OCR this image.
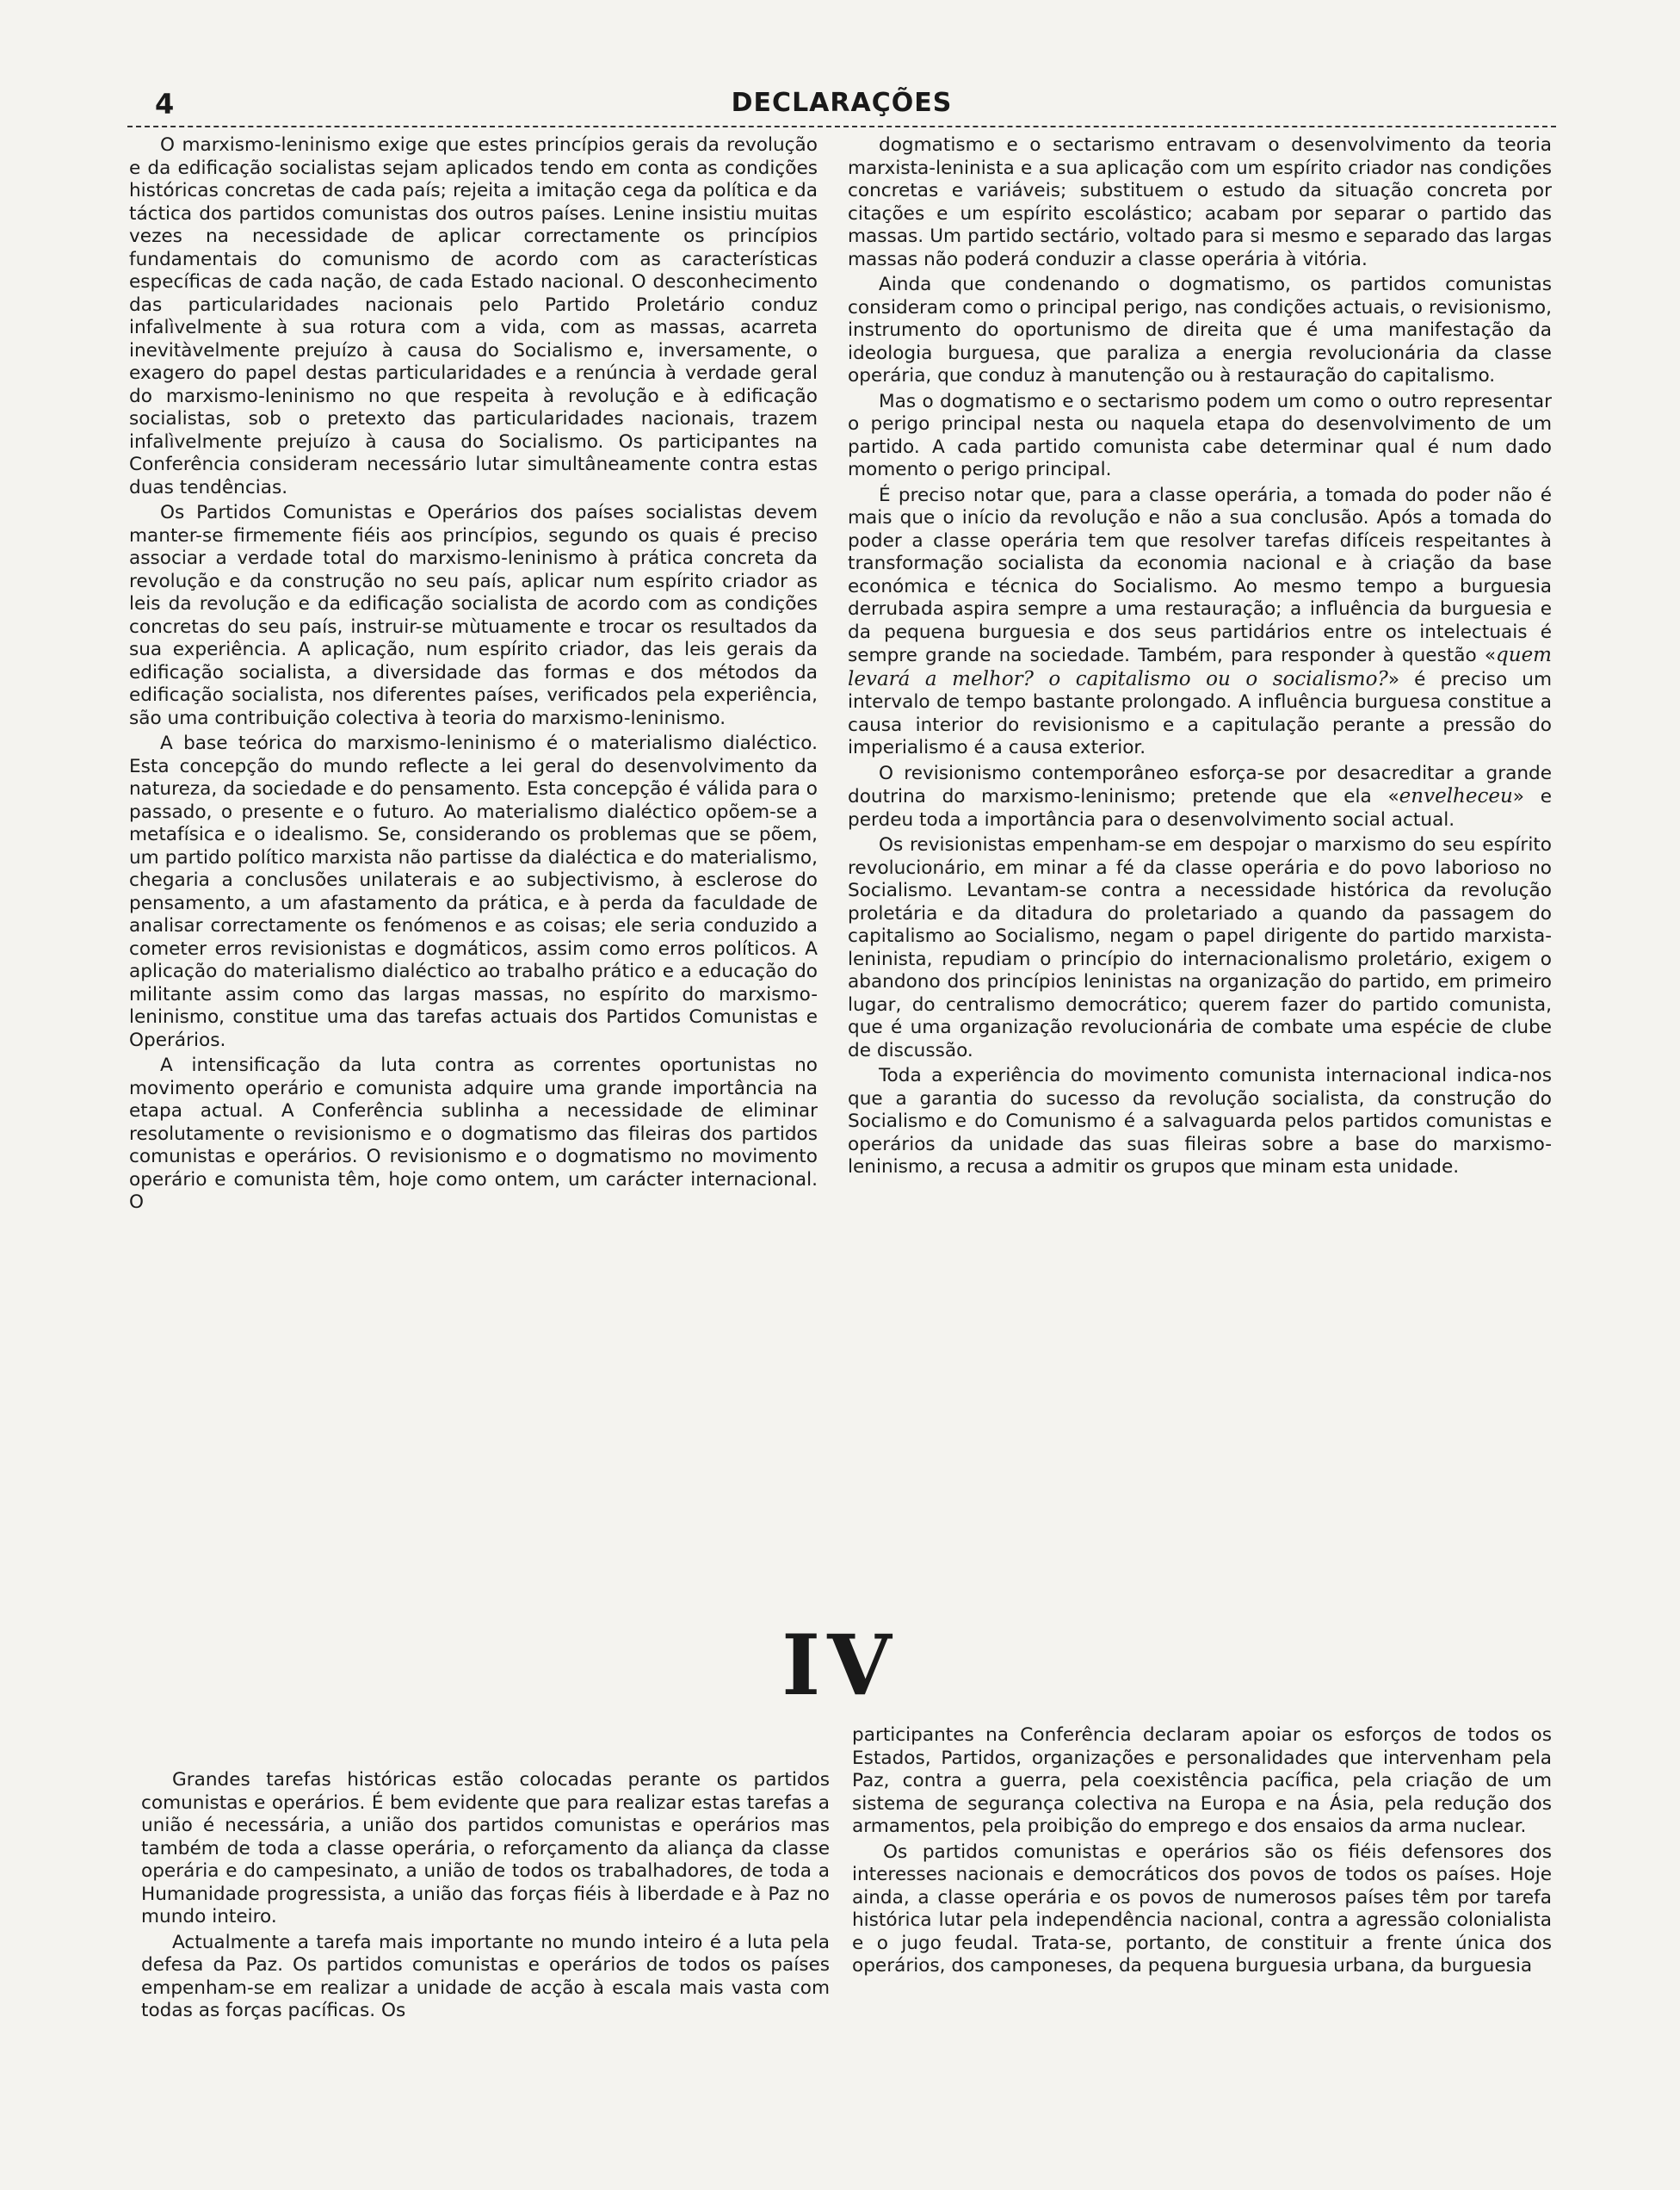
4	DECLARAÇÕES

O marxismo-leninismo exige que estes princípios gerais da revolução e da edificação socialistas sejam aplicados tendo em conta as condições históricas concretas de cada país; rejeita a imitação cega da política e da táctica dos partidos comunistas dos outros países. Lenine insistiu muitas vezes na necessidade de aplicar correctamente os princípios fundamentais do comunismo de acordo com as características específicas de cada nação, de cada Estado nacional. O desconhecimento das particularidades nacionais pelo Partido Proletário conduz infalìvelmente à sua rotura com a vida, com as massas, acarreta inevitàvelmente prejuízo à causa do Socialismo e, inversamente, o exagero do papel destas particularidades e a renúncia à verdade geral do marxismo-leninismo no que respeita à revolução e à edificação socialistas, sob o pretexto das particularidades nacionais, trazem infalìvelmente prejuízo à causa do Socialismo. Os participantes na Conferência consideram necessário lutar simultâneamente contra estas duas tendências.

Os Partidos Comunistas e Operários dos países socialistas devem manter-se firmemente fiéis aos princípios, segundo os quais é preciso associar a verdade total do marxismo-leninismo à prática concreta da revolução e da construção no seu país, aplicar num espírito criador as leis da revolução e da edificação socialista de acordo com as condições concretas do seu país, instruir-se mùtuamente e trocar os resultados da sua experiência. A aplicação, num espírito criador, das leis gerais da edificação socialista, a diversidade das formas e dos métodos da edificação socialista, nos diferentes países, verificados pela experiência, são uma contribuição colectiva à teoria do marxismo-leninismo.

A base teórica do marxismo-leninismo é o materialismo dialéctico. Esta concepção do mundo reflecte a lei geral do desenvolvimento da natureza, da sociedade e do pensamento. Esta concepção é válida para o passado, o presente e o futuro. Ao materialismo dialéctico opõem-se a metafísica e o idealismo. Se, considerando os problemas que se põem, um partido político marxista não partisse da dialéctica e do materialismo, chegaria a conclusões unilaterais e ao subjectivismo, à esclerose do pensamento, a um afastamento da prática, e à perda da faculdade de analisar correctamente os fenómenos e as coisas; ele seria conduzido a cometer erros revisionistas e dogmáticos, assim como erros políticos. A aplicação do materialismo dialéctico ao trabalho prático e a educação do militante assim como das largas massas, no espírito do marxismo-leninismo, constitue uma das tarefas actuais dos Partidos Comunistas e Operários.

A intensificação da luta contra as correntes oportunistas no movimento operário e comunista adquire uma grande importância na etapa actual. A Conferência sublinha a necessidade de eliminar resolutamente o revisionismo e o dogmatismo das fileiras dos partidos comunistas e operários. O revisionismo e o dogmatismo no movimento operário e comunista têm, hoje como ontem, um carácter internacional. O

dogmatismo e o sectarismo entravam o desenvolvimento da teoria marxista-leninista e a sua aplicação com um espírito criador nas condições concretas e variáveis; substituem o estudo da situação concreta por citações e um espírito escolástico; acabam por separar o partido das massas. Um partido sectário, voltado para si mesmo e separado das largas massas não poderá conduzir a classe operária à vitória.

Ainda que condenando o dogmatismo, os partidos comunistas consideram como o principal perigo, nas condições actuais, o revisionismo, instrumento do oportunismo de direita que é uma manifestação da ideologia burguesa, que paraliza a energia revolucionária da classe operária, que conduz à manutenção ou à restauração do capitalismo.

Mas o dogmatismo e o sectarismo podem um como o outro representar o perigo principal nesta ou naquela etapa do desenvolvimento de um partido. A cada partido comunista cabe determinar qual é num dado momento o perigo principal.

É preciso notar que, para a classe operária, a tomada do poder não é mais que o início da revolução e não a sua conclusão. Após a tomada do poder a classe operária tem que resolver tarefas difíceis respeitantes à transformação socialista da economia nacional e à criação da base económica e técnica do Socialismo. Ao mesmo tempo a burguesia derrubada aspira sempre a uma restauração; a influência da burguesia e da pequena burguesia e dos seus partidários entre os intelectuais é sempre grande na sociedade. Também, para responder à questão «quem levará a melhor? o capitalismo ou o socialismo?» é preciso um intervalo de tempo bastante prolongado. A influência burguesa constitue a causa interior do revisionismo e a capitulação perante a pressão do imperialismo é a causa exterior.

O revisionismo contemporâneo esforça-se por desacreditar a grande doutrina do marxismo-leninismo; pretende que ela «envelheceu» e perdeu toda a importância para o desenvolvimento social actual.

Os revisionistas empenham-se em despojar o marxismo do seu espírito revolucionário, em minar a fé da classe operária e do povo laborioso no Socialismo. Levantam-se contra a necessidade histórica da revolução proletária e da ditadura do proletariado a quando da passagem do capitalismo ao Socialismo, negam o papel dirigente do partido marxista-leninista, repudiam o princípio do internacionalismo proletário, exigem o abandono dos princípios leninistas na organização do partido, em primeiro lugar, do centralismo democrático; querem fazer do partido comunista, que é uma organização revolucionária de combate uma espécie de clube de discussão.

Toda a experiência do movimento comunista internacional indica-nos que a garantia do sucesso da revolução socialista, da construção do Socialismo e do Comunismo é a salvaguarda pelos partidos comunistas e operários da unidade das suas fileiras sobre a base do marxismo-leninismo, a recusa a admitir os grupos que minam esta unidade.

IV

Grandes tarefas históricas estão colocadas perante os partidos comunistas e operários. É bem evidente que para realizar estas tarefas a união é necessária, a união dos partidos comunistas e operários mas também de toda a classe operária, o reforçamento da aliança da classe operária e do campesinato, a união de todos os trabalhadores, de toda a Humanidade progressista, a união das forças fiéis à liberdade e à Paz no mundo inteiro.

Actualmente a tarefa mais importante no mundo inteiro é a luta pela defesa da Paz. Os partidos comunistas e operários de todos os países empenham-se em realizar a unidade de acção à escala mais vasta com todas as forças pacíficas. Os

participantes na Conferência declaram apoiar os esforços de todos os Estados, Partidos, organizações e personalidades que intervenham pela Paz, contra a guerra, pela coexistência pacífica, pela criação de um sistema de segurança colectiva na Europa e na Ásia, pela redução dos armamentos, pela proibição do emprego e dos ensaios da arma nuclear.

Os partidos comunistas e operários são os fiéis defensores dos interesses nacionais e democráticos dos povos de todos os países. Hoje ainda, a classe operária e os povos de numerosos países têm por tarefa histórica lutar pela independência nacional, contra a agressão colonialista e o jugo feudal. Trata-se, portanto, de constituir a frente única dos operários, dos camponeses, da pequena burguesia urbana, da burguesia
